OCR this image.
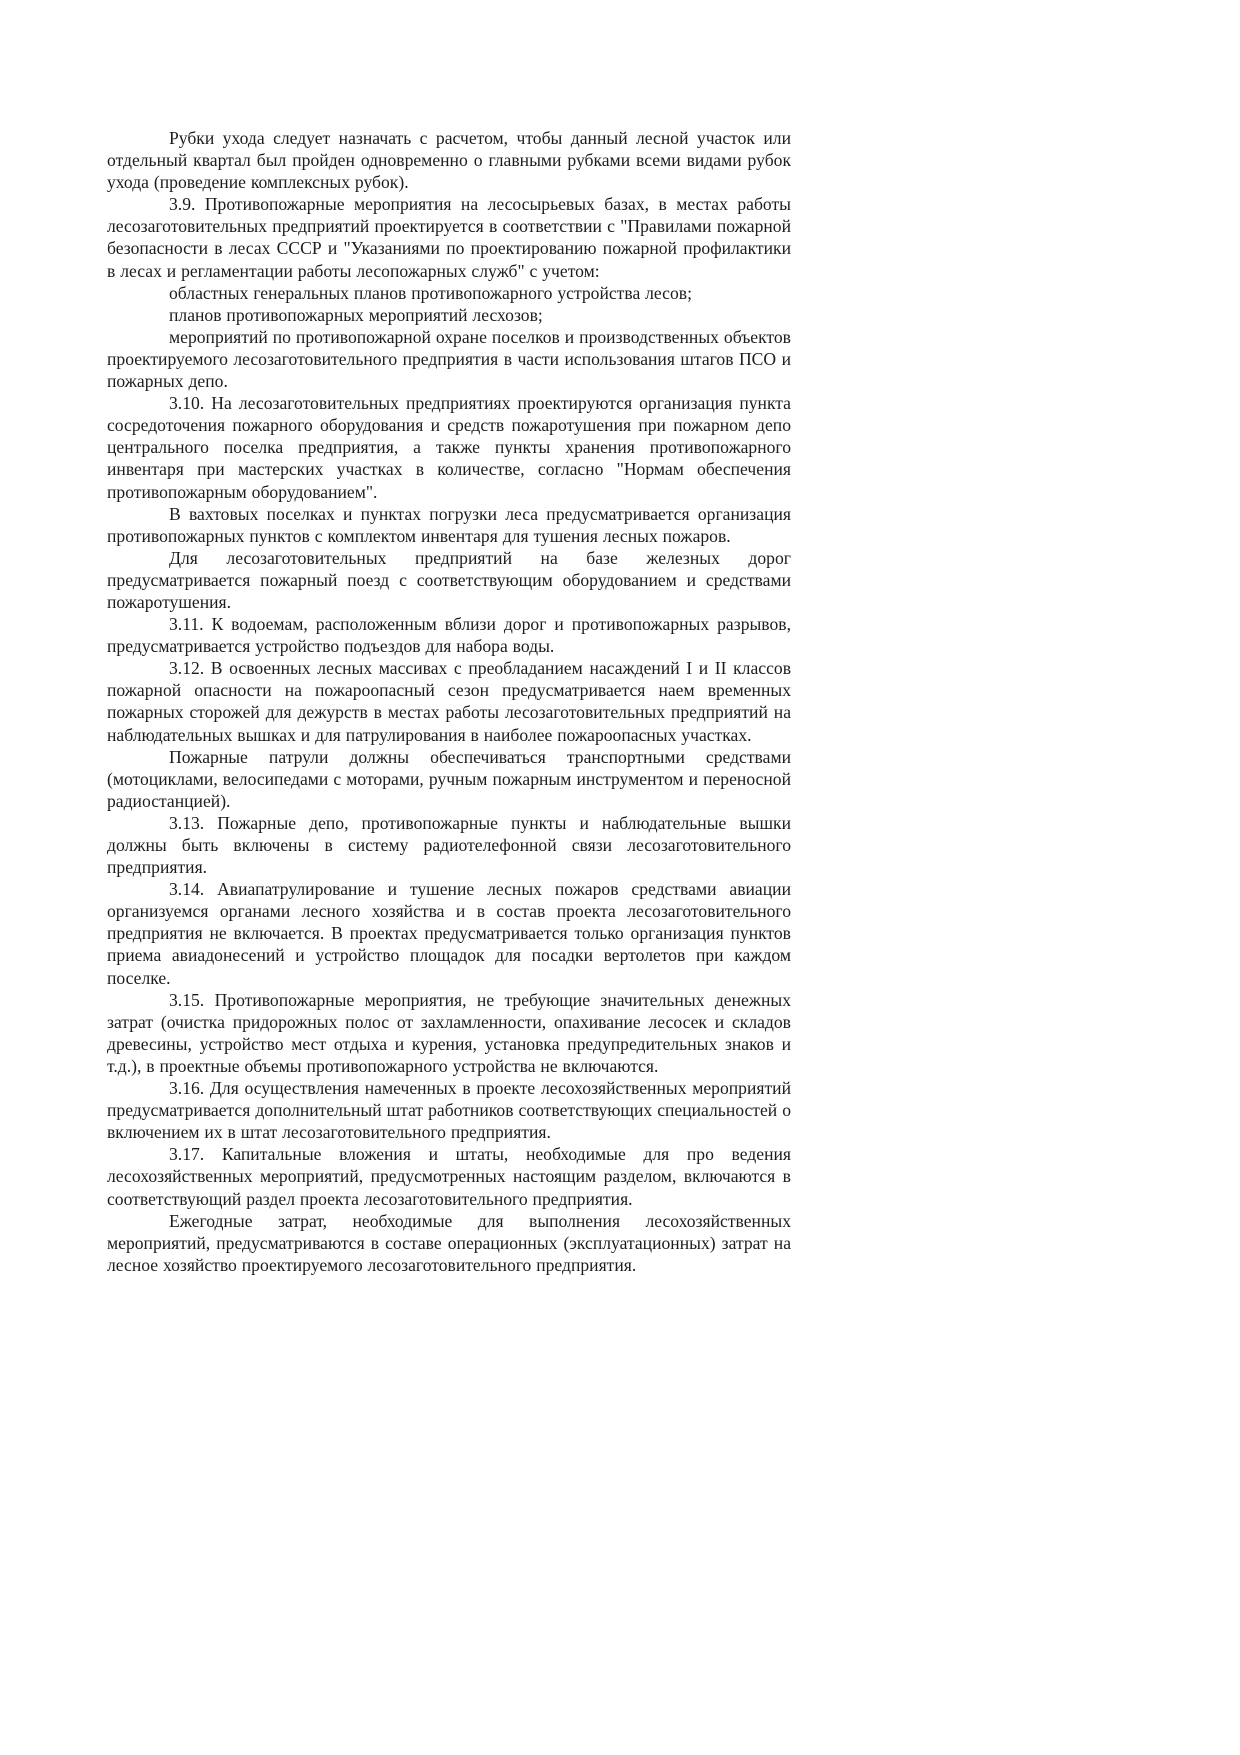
Рубки ухода следует назначать с расчетом, чтобы данный лесной участок или отдельный квартал был пройден одновременно о главными рубками всеми видами рубок ухода (проведение комплексных рубок).

3.9. Противопожарные мероприятия на лесосырьевых базах, в местах работы лесозаготовительных предприятий проектируется в соответствии с "Правилами пожарной безопасности в лесах СССР и "Указаниями по проектированию пожарной профилактики в лесах и регламентации работы лесопожарных служб" с учетом:

областных генеральных планов противопожарного устройства лесов;

планов противопожарных мероприятий лесхозов;

мероприятий по противопожарной охране поселков и производственных объектов проектируемого лесозаготовительного предприятия в части использования штагов ПСО и пожарных депо.

3.10. На лесозаготовительных предприятиях проектируются организация пункта сосредоточения пожарного оборудования и средств пожаротушения при пожарном депо центрального поселка предприятия, а также пункты хранения противопожарного инвентаря при мастерских участках в количестве, согласно "Нормам обеспечения противопожарным оборудованием".

В вахтовых поселках и пунктах погрузки леса предусматривается организация противопожарных пунктов с комплектом инвентаря для тушения лесных пожаров.

Для лесозаготовительных предприятий на базе железных дорог предусматривается пожарный поезд с соответствующим оборудованием и средствами пожаротушения.

3.11. К водоемам, расположенным вблизи дорог и противопожарных разрывов, предусматривается устройство подъездов для набора воды.

3.12. В освоенных лесных массивах с преобладанием насаждений I и II классов пожарной опасности на пожароопасный сезон предусматривается наем временных пожарных сторожей для дежурств в местах работы лесозаготовительных предприятий на наблюдательных вышках и для патрулирования в наиболее пожароопасных участках.

Пожарные патрули должны обеспечиваться транспортными средствами (мотоциклами, велосипедами с моторами, ручным пожарным инструментом и переносной радиостанцией).

3.13. Пожарные депо, противопожарные пункты и наблюдательные вышки должны быть включены в систему радиотелефонной связи лесозаготовительного предприятия.

3.14. Авиапатрулирование и тушение лесных пожаров средствами авиации организуемся органами лесного хозяйства и в состав проекта лесозаготовительного предприятия не включается. В проектах предусматривается только организация пунктов приема авиадонесений и устройство площадок для посадки вертолетов при каждом поселке.

3.15. Противопожарные мероприятия, не требующие значительных денежных затрат (очистка придорожных полос от захламленности, опахивание лесосек и складов древесины, устройство мест отдыха и курения, установка предупредительных знаков и т.д.), в проектные объемы противопожарного устройства не включаются.

3.16. Для осуществления намеченных в проекте лесохозяйственных мероприятий предусматривается дополнительный штат работников соответствующих специальностей о включением их в штат лесозаготовительного предприятия.

3.17. Капитальные вложения и штаты, необходимые для про ведения лесохозяйственных мероприятий, предусмотренных настоящим разделом, включаются в соответствующий раздел проекта лесозаготовительного предприятия.

Ежегодные затрат, необходимые для выполнения лесохозяйственных мероприятий, предусматриваются в составе операционных (эксплуатационных) затрат на лесное хозяйство проектируемого лесозаготовительного предприятия.
